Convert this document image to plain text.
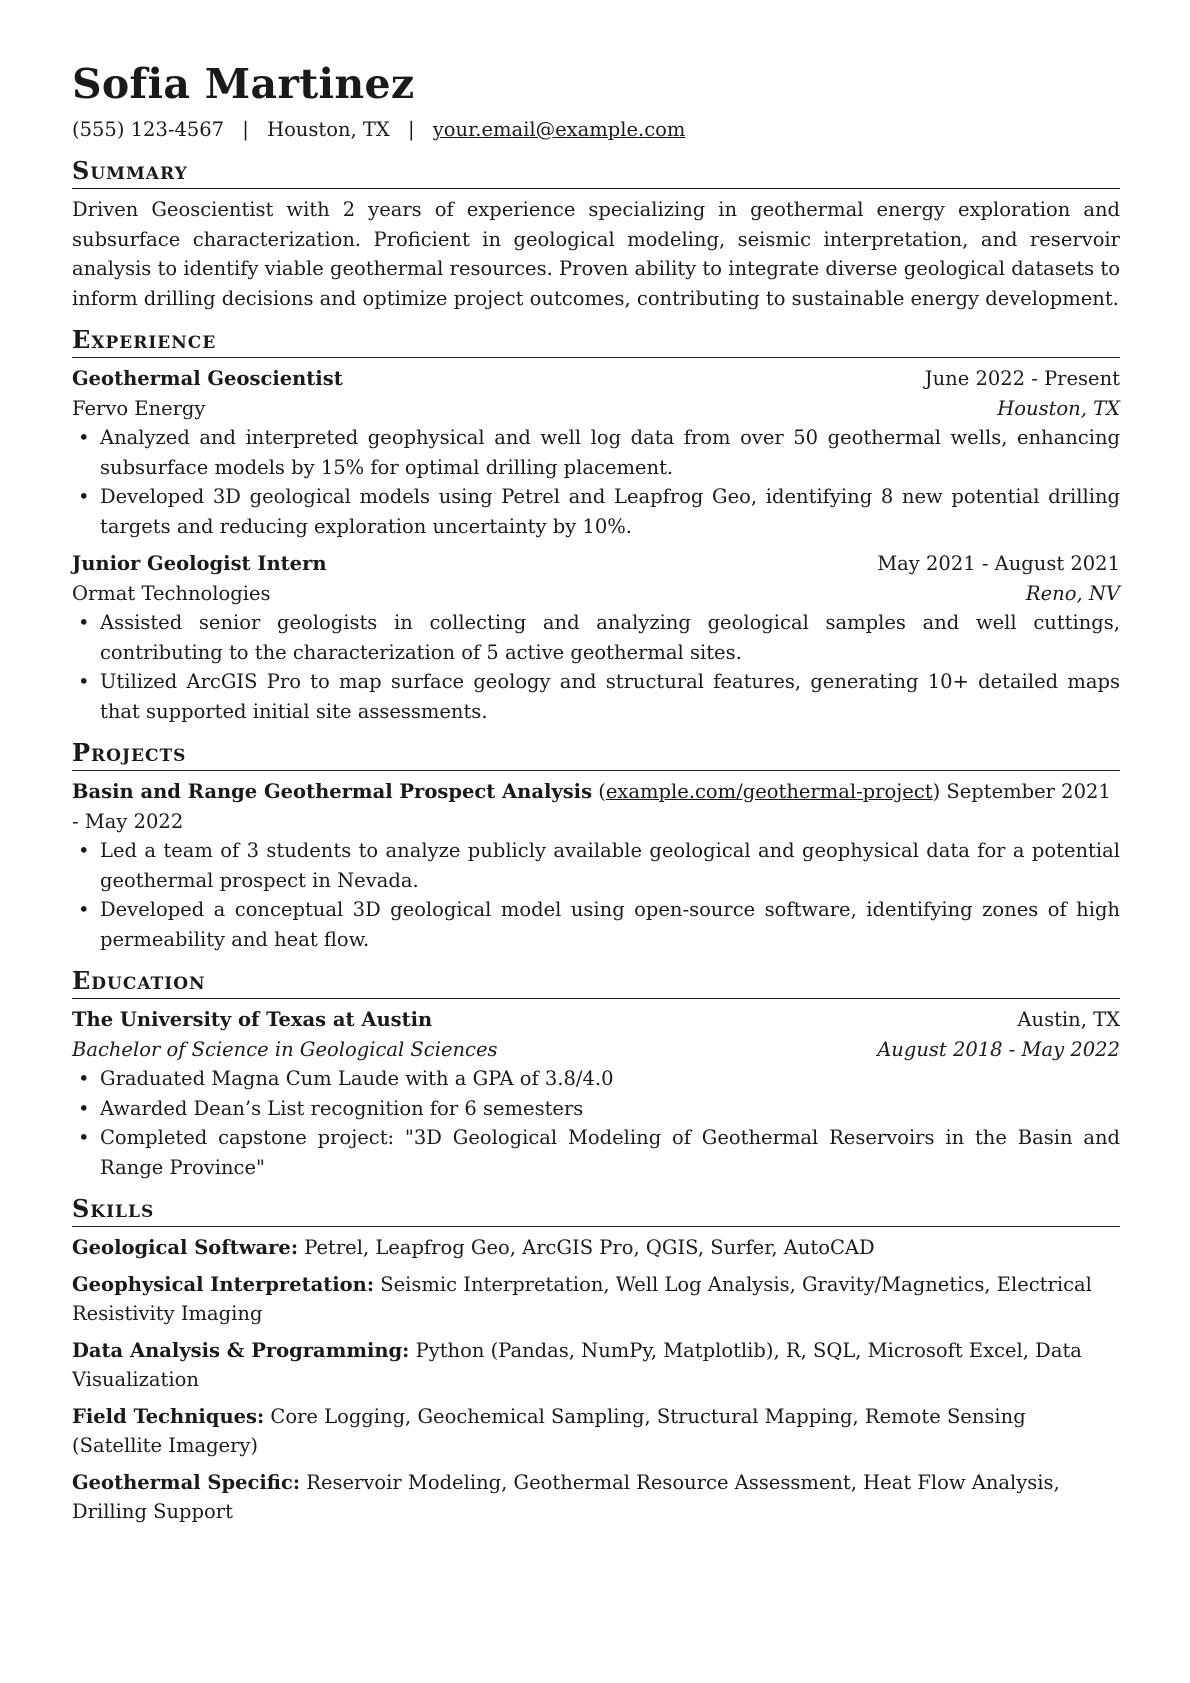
Sofia Martinez
(555) 123-4567 | Houston, TX | your.email@example.com
Summary
Driven Geoscientist with 2 years of experience specializing in geothermal energy exploration and subsurface characterization. Proficient in geological modeling, seismic interpretation, and reservoir analysis to identify viable geothermal resources. Proven ability to integrate diverse geological datasets to inform drilling decisions and optimize project outcomes, contributing to sustainable energy development.
Experience
Geothermal Geoscientist	June 2022 - Present
Fervo Energy	Houston, TX
• Analyzed and interpreted geophysical and well log data from over 50 geothermal wells, enhancing subsurface models by 15% for optimal drilling placement.
• Developed 3D geological models using Petrel and Leapfrog Geo, identifying 8 new potential drilling targets and reducing exploration uncertainty by 10%.
Junior Geologist Intern	May 2021 - August 2021
Ormat Technologies	Reno, NV
• Assisted senior geologists in collecting and analyzing geological samples and well cuttings, contributing to the characterization of 5 active geothermal sites.
• Utilized ArcGIS Pro to map surface geology and structural features, generating 10+ detailed maps that supported initial site assessments.
Projects
Basin and Range Geothermal Prospect Analysis (example.com/geothermal-project) September 2021 - May 2022
• Led a team of 3 students to analyze publicly available geological and geophysical data for a potential geothermal prospect in Nevada.
• Developed a conceptual 3D geological model using open-source software, identifying zones of high permeability and heat flow.
Education
The University of Texas at Austin	Austin, TX
Bachelor of Science in Geological Sciences	August 2018 - May 2022
• Graduated Magna Cum Laude with a GPA of 3.8/4.0
• Awarded Dean’s List recognition for 6 semesters
• Completed capstone project: "3D Geological Modeling of Geothermal Reservoirs in the Basin and Range Province"
Skills
Geological Software: Petrel, Leapfrog Geo, ArcGIS Pro, QGIS, Surfer, AutoCAD
Geophysical Interpretation: Seismic Interpretation, Well Log Analysis, Gravity/Magnetics, Electrical Resistivity Imaging
Data Analysis & Programming: Python (Pandas, NumPy, Matplotlib), R, SQL, Microsoft Excel, Data Visualization
Field Techniques: Core Logging, Geochemical Sampling, Structural Mapping, Remote Sensing (Satellite Imagery)
Geothermal Specific: Reservoir Modeling, Geothermal Resource Assessment, Heat Flow Analysis, Drilling Support
